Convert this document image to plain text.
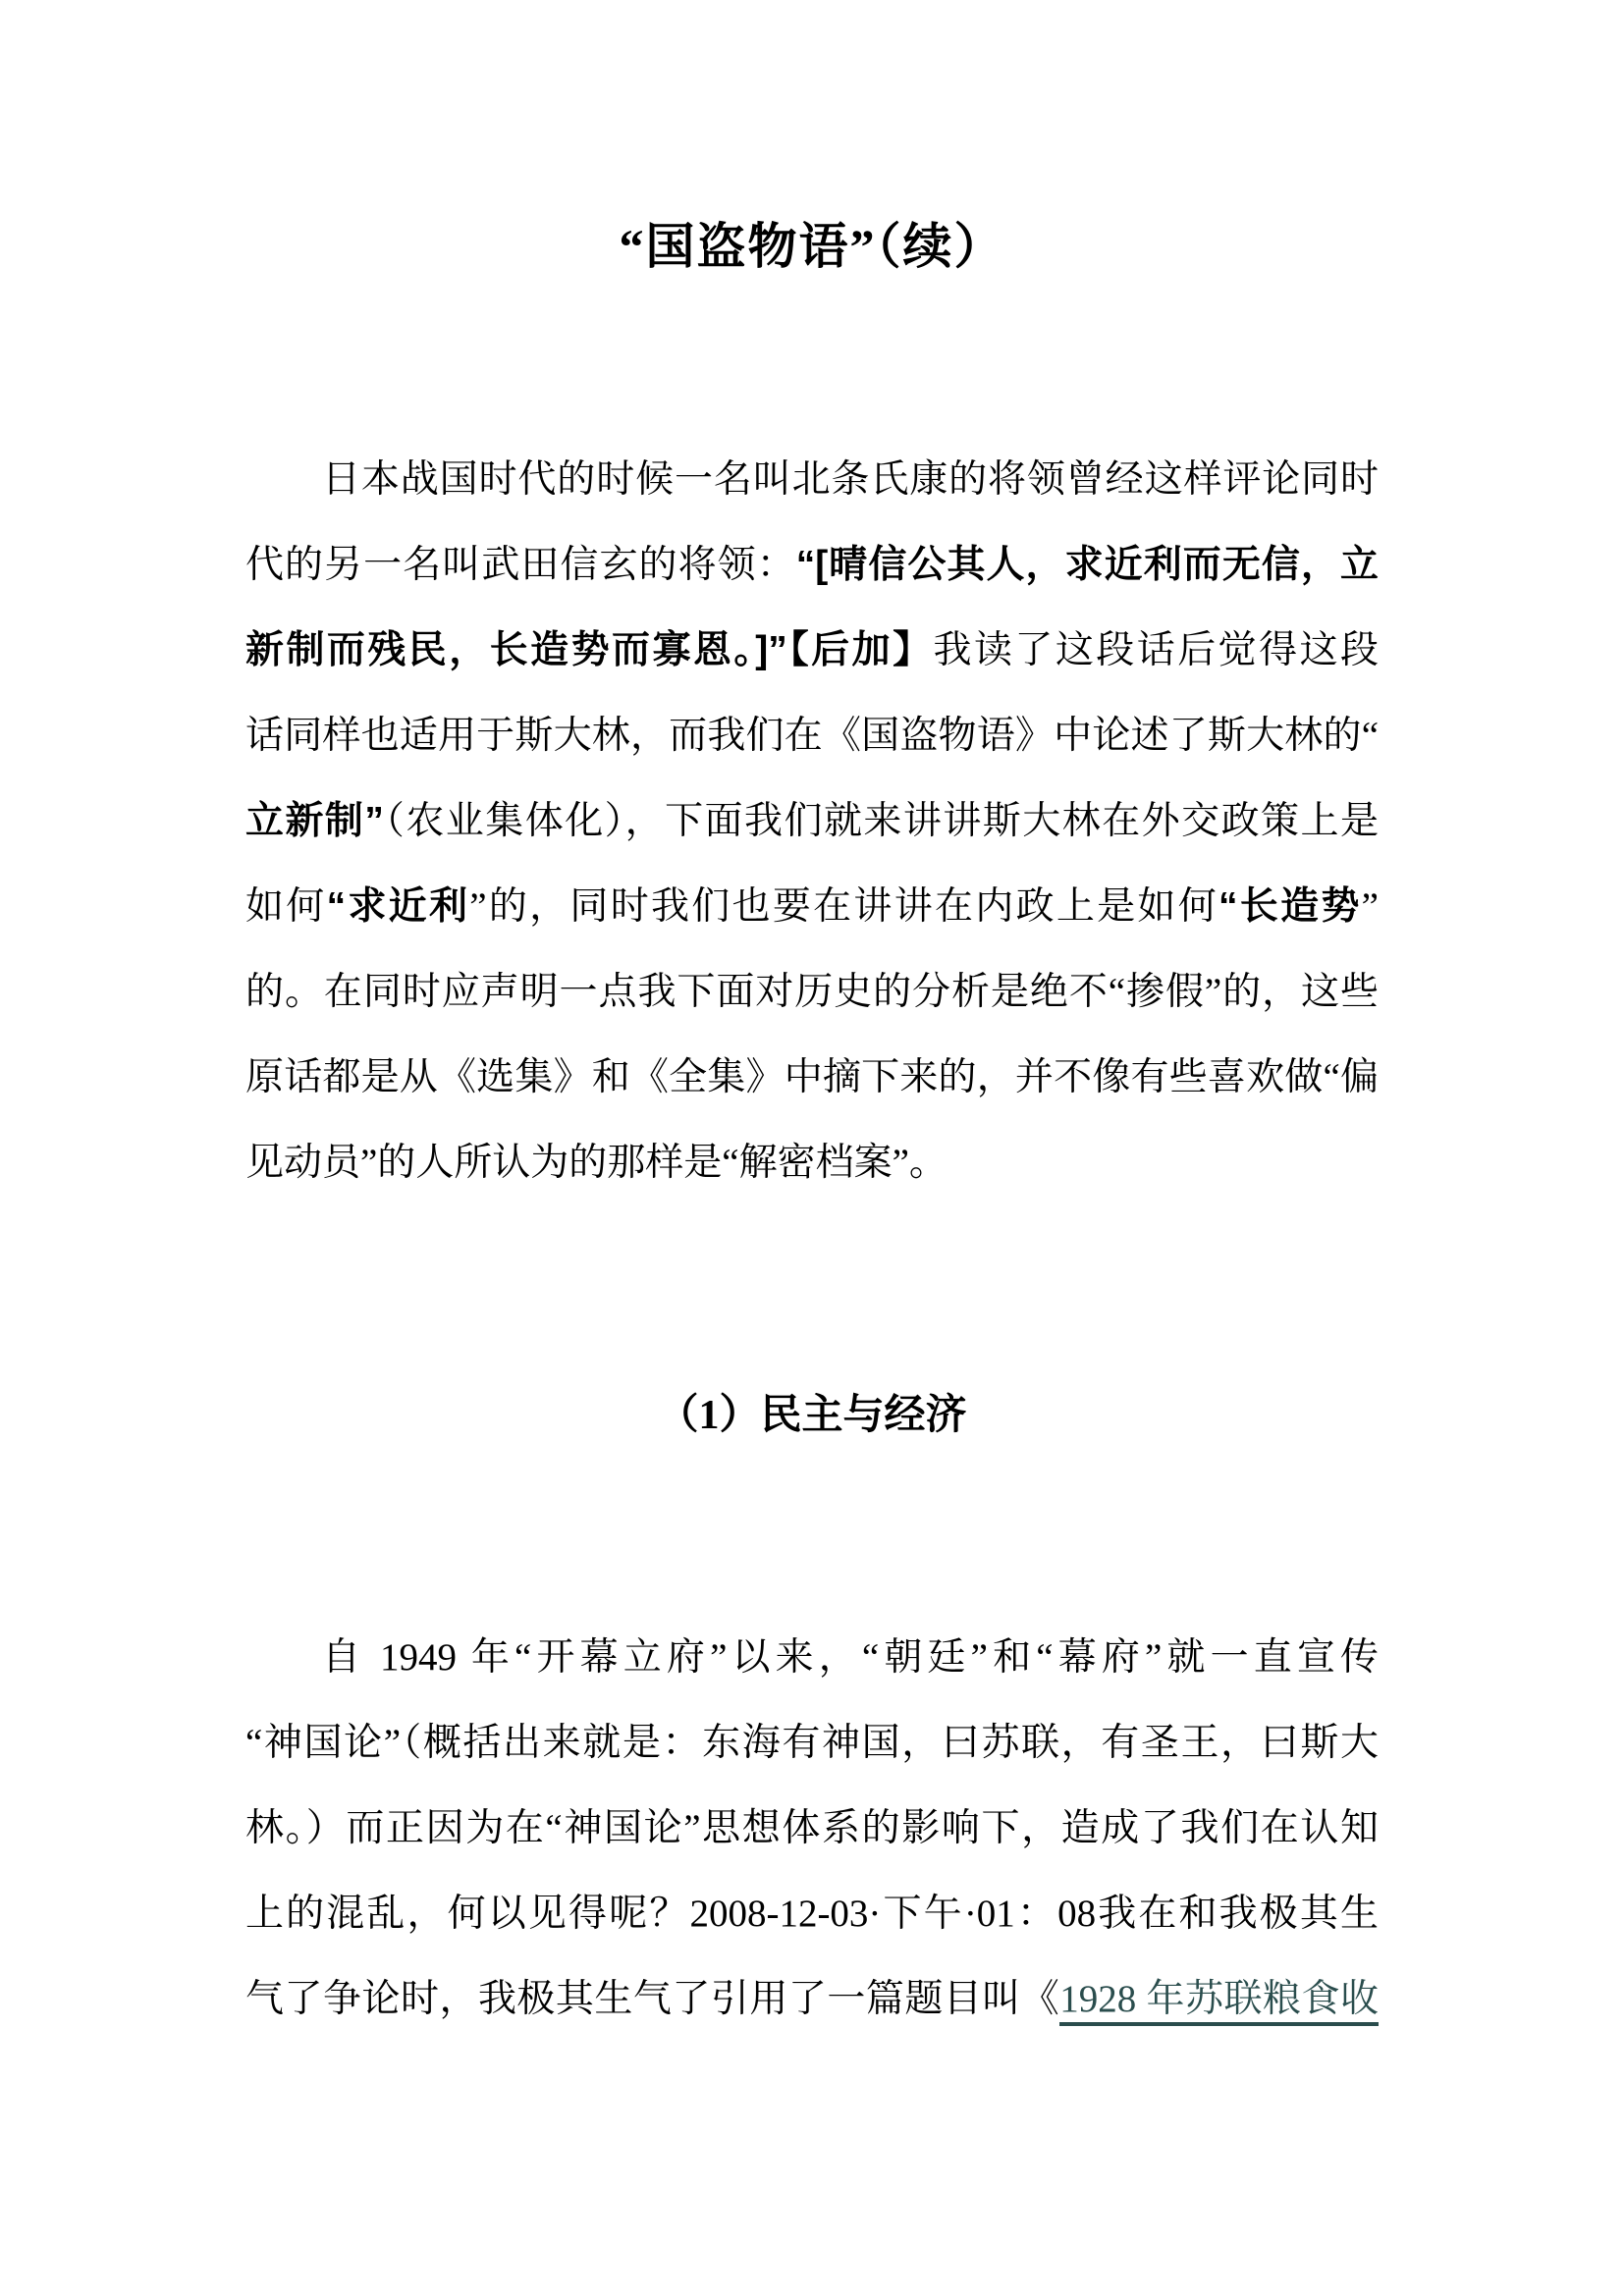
“国盗物语”（续）
日本战国时代的时候一名叫北条氏康的将领曾经这样评论同时
代的另一名叫武田信玄的将领：“[晴信公其人，求近利而无信，立
新制而残民，长造势而寡恩。]”【后加】我读了这段话后觉得这段
话同样也适用于斯大林，而我们在《国盗物语》中论述了斯大林的“
立新制”（农业集体化），下面我们就来讲讲斯大林在外交政策上是
如何“求近利”的，同时我们也要在讲讲在内政上是如何“长造势”
的。在同时应声明一点我下面对历史的分析是绝不“掺假”的，这些
原话都是从《选集》和《全集》中摘下来的，并不像有些喜欢做“偏
见动员”的人所认为的那样是“解密档案”。
（1）民主与经济
自 1949 年“开幕立府”以来，“朝廷”和“幕府”就一直宣传
“神国论”（概括出来就是：东海有神国，曰苏联，有圣王，曰斯大
林。）而正因为在“神国论”思想体系的影响下，造成了我们在认知
上的混乱，何以见得呢？2008-12-03·下午·01：08我在和我极其生
气了争论时，我极其生气了引用了一篇题目叫《1928 年苏联粮食收
